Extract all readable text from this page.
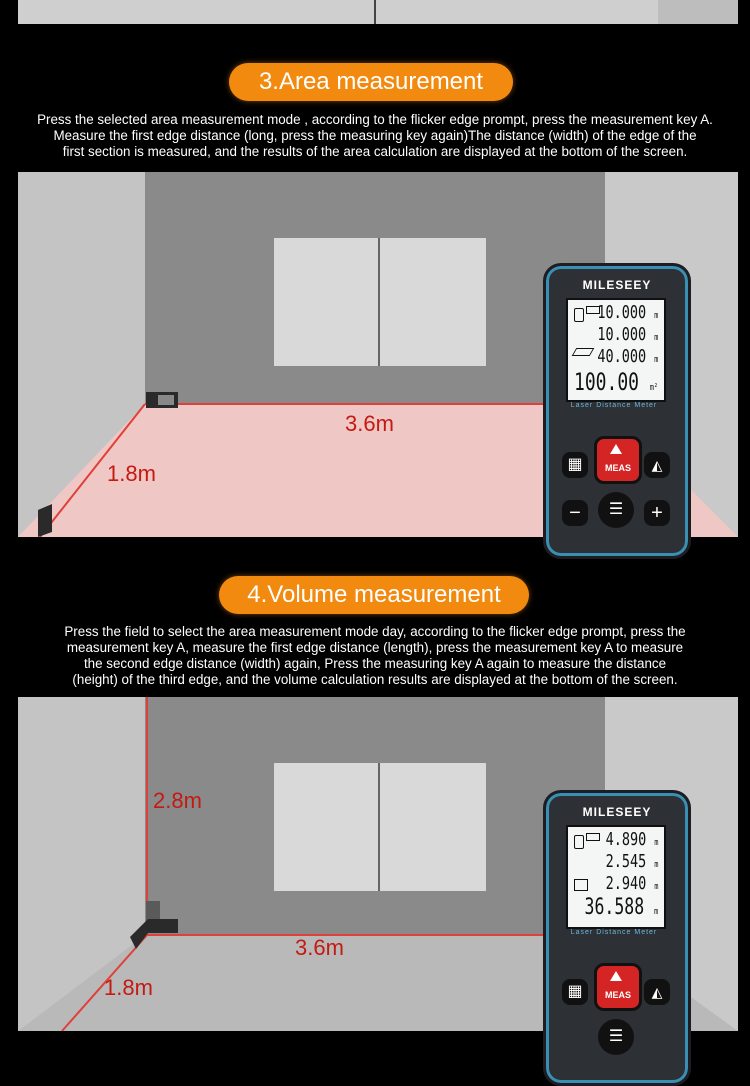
3.Area measurement
Press the selected area measurement mode , according to the flicker edge prompt, press the measurement key A.
Measure the first edge distance (long, press the measuring key again)The distance (width) of the edge of the
first section is measured, and the results of the area calculation are displayed at the bottom of the screen.
3.6m
1.8m
MILESEEY
10.000 m
10.000 m
40.000 m
100.00 m²
Laser Distance Meter
MEAS
▦	◭
−	☰	+
4.Volume measurement
Press the field to select the area measurement mode day, according to the flicker edge prompt, press the
measurement key A, measure the first edge distance (length), press the measurement key A to measure
the second edge distance (width) again, Press the measuring key A again to measure the distance
(height) of the third edge, and the volume calculation results are displayed at the bottom of the screen.
2.8m
3.6m
1.8m
MILESEEY
4.890 m
2.545 m
2.940 m
36.588 m
Laser Distance Meter
MEAS
▦	◭
☰
